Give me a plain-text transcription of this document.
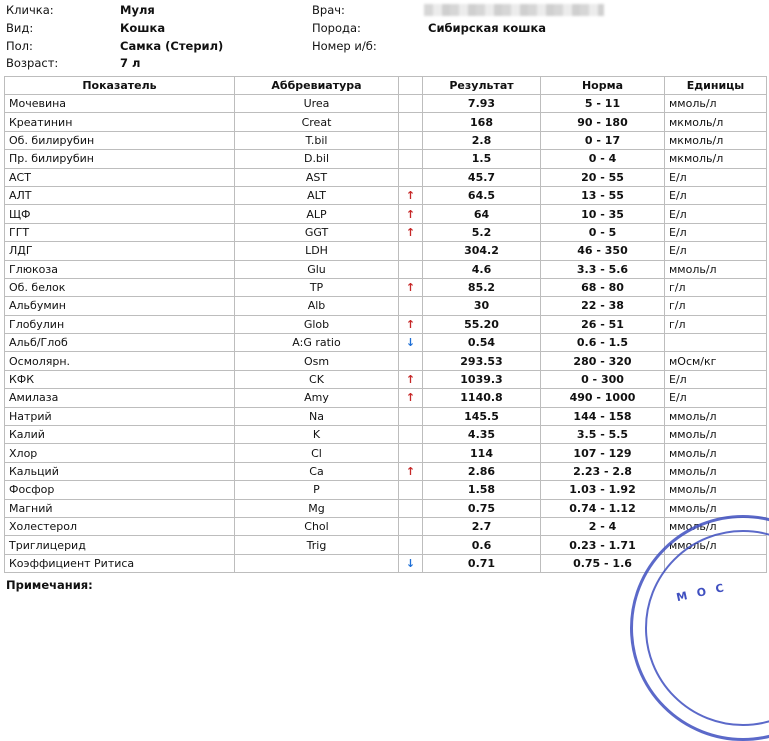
Кличка:	Муля
Вид:	Кошка
Пол:	Самка (Стерил)
Возраст:	7 л
Врач:
Порода:	Сибирская кошка
Номер и/б:
Показатель	Аббревиатура		Результат	Норма	Единицы
Мочевина	Urea		7.93	5 - 11	ммоль/л
Креатинин	Creat		168	90 - 180	мкмоль/л
Об. билирубин	T.bil		2.8	0 - 17	мкмоль/л
Пр. билирубин	D.bil		1.5	0 - 4	мкмоль/л
АСТ	AST		45.7	20 - 55	Е/л
АЛТ	ALT	↑	64.5	13 - 55	Е/л
ЩФ	ALP	↑	64	10 - 35	Е/л
ГГТ	GGT	↑	5.2	0 - 5	Е/л
ЛДГ	LDH		304.2	46 - 350	Е/л
Глюкоза	Glu		4.6	3.3 - 5.6	ммоль/л
Об. белок	TP	↑	85.2	68 - 80	г/л
Альбумин	Alb		30	22 - 38	г/л
Глобулин	Glob	↑	55.20	26 - 51	г/л
Альб/Глоб	A:G ratio	↓	0.54	0.6 - 1.5	
Осмолярн.	Osm		293.53	280 - 320	мОсм/кг
КФК	CK	↑	1039.3	0 - 300	Е/л
Амилаза	Amy	↑	1140.8	490 - 1000	Е/л
Натрий	Na		145.5	144 - 158	ммоль/л
Калий	K		4.35	3.5 - 5.5	ммоль/л
Хлор	Cl		114	107 - 129	ммоль/л
Кальций	Ca	↑	2.86	2.23 - 2.8	ммоль/л
Фосфор	P		1.58	1.03 - 1.92	ммоль/л
Магний	Mg		0.75	0.74 - 1.12	ммоль/л
Холестерол	Chol		2.7	2 - 4	ммоль/л
Триглицерид	Trig		0.6	0.23 - 1.71	ммоль/л
Коэффициент Ритиса		↓	0.71	0.75 - 1.6	
М О С
Примечания:
